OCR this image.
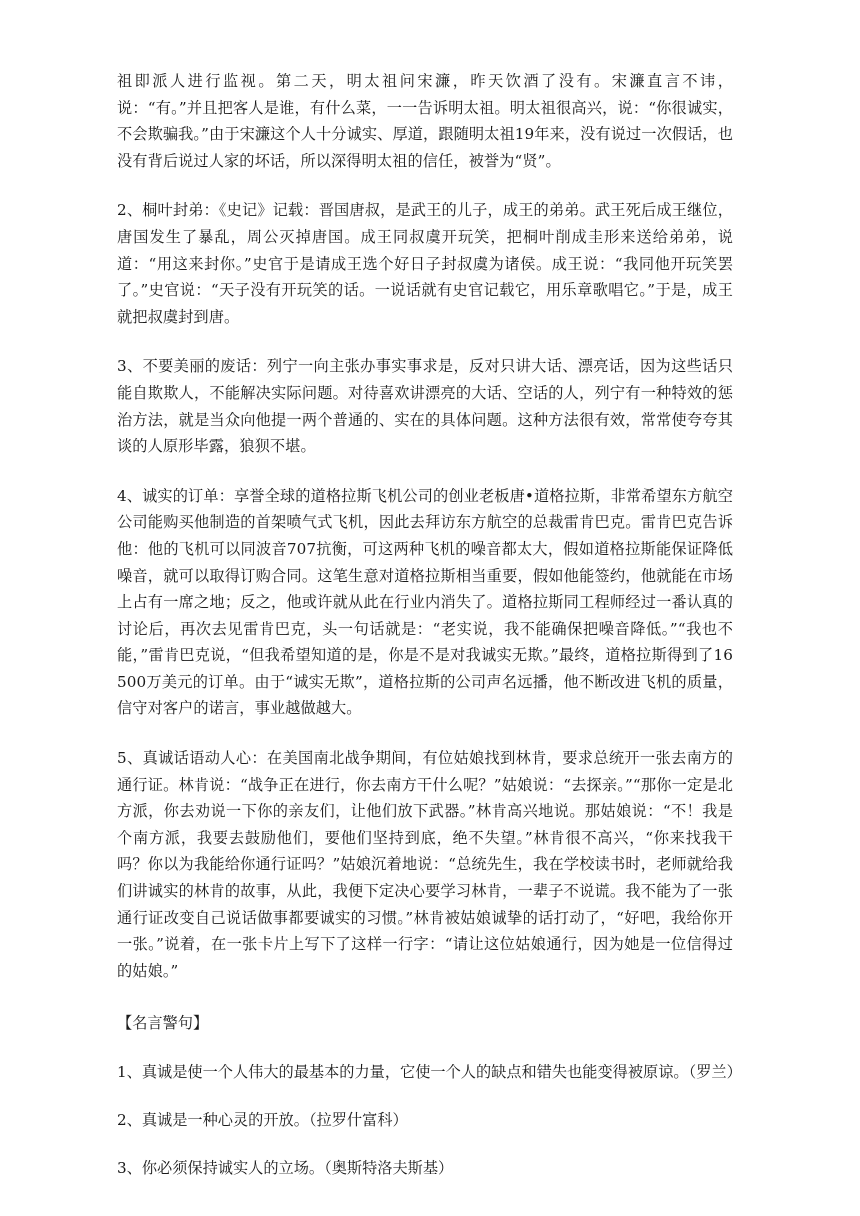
祖即派人进行监视。第二天，明太祖问宋濂，昨天饮酒了没有。宋濂直言不讳，说：“有。”并且把客人是谁，有什么菜，一一告诉明太祖。明太祖很高兴，说：“你很诚实，不会欺骗我。”由于宋濂这个人十分诚实、厚道，跟随明太祖19年来，没有说过一次假话，也没有背后说过人家的坏话，所以深得明太祖的信任，被誉为“贤”。

2、桐叶封弟：《史记》记载：晋国唐叔，是武王的儿子，成王的弟弟。武王死后成王继位，唐国发生了暴乱，周公灭掉唐国。成王同叔虞开玩笑，把桐叶削成圭形来送给弟弟，说道：“用这来封你。”史官于是请成王选个好日子封叔虞为诸侯。成王说：“我同他开玩笑罢了。”史官说：“天子没有开玩笑的话。一说话就有史官记载它，用乐章歌唱它。”于是，成王就把叔虞封到唐。

3、不要美丽的废话：列宁一向主张办事实事求是，反对只讲大话、漂亮话，因为这些话只能自欺欺人，不能解决实际问题。对待喜欢讲漂亮的大话、空话的人，列宁有一种特效的惩治方法，就是当众向他提一两个普通的、实在的具体问题。这种方法很有效，常常使夸夸其谈的人原形毕露，狼狈不堪。

4、诚实的订单：享誉全球的道格拉斯飞机公司的创业老板唐•道格拉斯，非常希望东方航空公司能购买他制造的首架喷气式飞机，因此去拜访东方航空的总裁雷肯巴克。雷肯巴克告诉他：他的飞机可以同波音707抗衡，可这两种飞机的噪音都太大，假如道格拉斯能保证降低噪音，就可以取得订购合同。这笔生意对道格拉斯相当重要，假如他能签约，他就能在市场上占有一席之地；反之，他或许就从此在行业内消失了。道格拉斯同工程师经过一番认真的讨论后，再次去见雷肯巴克，头一句话就是：“老实说，我不能确保把噪音降低。”“我也不能，”雷肯巴克说，“但我希望知道的是，你是不是对我诚实无欺。”最终，道格拉斯得到了16500万美元的订单。由于“诚实无欺”，道格拉斯的公司声名远播，他不断改进飞机的质量，信守对客户的诺言，事业越做越大。

5、真诚话语动人心：在美国南北战争期间，有位姑娘找到林肯，要求总统开一张去南方的通行证。林肯说：“战争正在进行，你去南方干什么呢？”姑娘说：“去探亲。”“那你一定是北方派，你去劝说一下你的亲友们，让他们放下武器。”林肯高兴地说。那姑娘说：“不！我是个南方派，我要去鼓励他们，要他们坚持到底，绝不失望。”林肯很不高兴，“你来找我干吗？你以为我能给你通行证吗？”姑娘沉着地说：“总统先生，我在学校读书时，老师就给我们讲诚实的林肯的故事，从此，我便下定决心要学习林肯，一辈子不说谎。我不能为了一张通行证改变自己说话做事都要诚实的习惯。”林肯被姑娘诚挚的话打动了，“好吧，我给你开一张。”说着，在一张卡片上写下了这样一行字：“请让这位姑娘通行，因为她是一位信得过的姑娘。”

【名言警句】

1、真诚是使一个人伟大的最基本的力量，它使一个人的缺点和错失也能变得被原谅。（罗兰）

2、真诚是一种心灵的开放。（拉罗什富科）

3、你必须保持诚实人的立场。（奥斯特洛夫斯基）
